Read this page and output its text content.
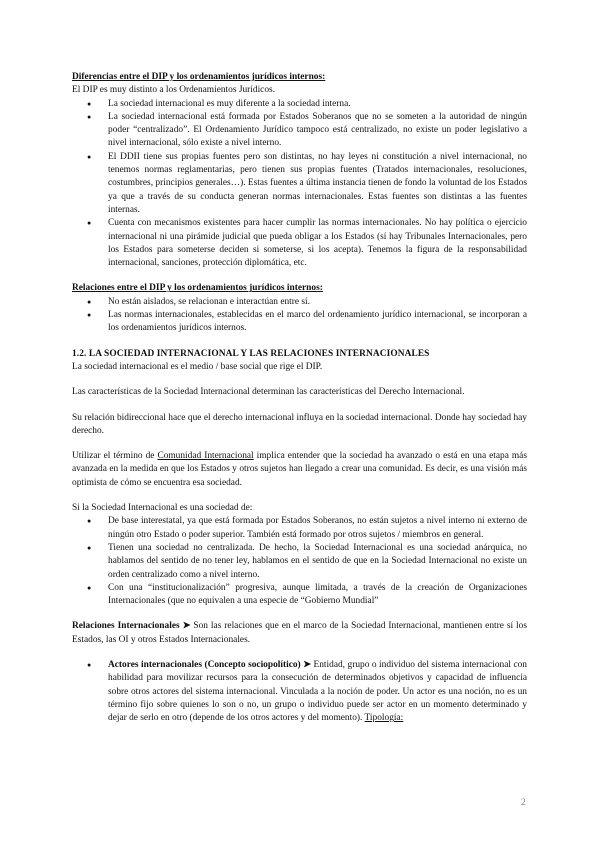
Diferencias entre el DIP y los ordenamientos jurídicos internos:

El DIP es muy distinto a los Ordenamientos Jurídicos.

● La sociedad internacional es muy diferente a la sociedad interna.
● La sociedad internacional está formada por Estados Soberanos que no se someten a la autoridad de ningún poder “centralizado”. El Ordenamiento Jurídico tampoco está centralizado, no existe un poder legislativo a nivel internacional, sólo existe a nivel interno.
● El DDII tiene sus propias fuentes pero son distintas, no hay leyes ni constitución a nivel internacional, no tenemos normas reglamentarias, pero tienen sus propias fuentes (Tratados internacionales, resoluciones, costumbres, principios generales…). Estas fuentes a última instancia tienen de fondo la voluntad de los Estados ya que a través de su conducta generan normas internacionales. Estas fuentes son distintas a las fuentes internas.
● Cuenta con mecanismos existentes para hacer cumplir las normas internacionales. No hay política o ejercicio internacional ni una pirámide judicial que pueda obligar a los Estados (sí hay Tribunales Internacionales, pero los Estados para someterse deciden si someterse, si los acepta). Tenemos la figura de la responsabilidad internacional, sanciones, protección diplomática, etc.

Relaciones entre el DIP y los ordenamientos jurídicos internos:

● No están aislados, se relacionan e interactúan entre sí.
● Las normas internacionales, establecidas en el marco del ordenamiento jurídico internacional, se incorporan a los ordenamientos jurídicos internos.

1.2. LA SOCIEDAD INTERNACIONAL Y LAS RELACIONES INTERNACIONALES

La sociedad internacional es el medio / base social que rige el DIP.

Las características de la Sociedad Internacional determinan las características del Derecho Internacional.

Su relación bidireccional hace que el derecho internacional influya en la sociedad internacional. Donde hay sociedad hay derecho.

Utilizar el término de Comunidad Internacional implica entender que la sociedad ha avanzado o está en una etapa más avanzada en la medida en que los Estados y otros sujetos han llegado a crear una comunidad. Es decir, es una visión más optimista de cómo se encuentra esa sociedad.

Si la Sociedad Internacional es una sociedad de:

● De base interestatal, ya que está formada por Estados Soberanos, no están sujetos a nivel interno ni externo de ningún otro Estado o poder superior. También está formado por otros sujetos / miembros en general.
● Tienen una sociedad no centralizada. De hecho, la Sociedad Internacional es una sociedad anárquica, no hablamos del sentido de no tener ley, hablamos en el sentido de que en la Sociedad Internacional no existe un orden centralizado como a nivel interno.
● Con una “institucionalización” progresiva, aunque limitada, a través de la creación de Organizaciones Internacionales (que no equivalen a una especie de “Gobierno Mundial”

Relaciones Internacionales ➤ Son las relaciones que en el marco de la Sociedad Internacional, mantienen entre sí los Estados, las OI y otros Estados Internacionales.

● Actores internacionales (Concepto sociopolítico) ➤ Entidad, grupo o individuo del sistema internacional con habilidad para movilizar recursos para la consecución de determinados objetivos y capacidad de influencia sobre otros actores del sistema internacional. Vinculada a la noción de poder. Un actor es una noción, no es un término fijo sobre quienes lo son o no, un grupo o individuo puede ser actor en un momento determinado y dejar de serlo en otro (depende de los otros actores y del momento). Tipología:
2
